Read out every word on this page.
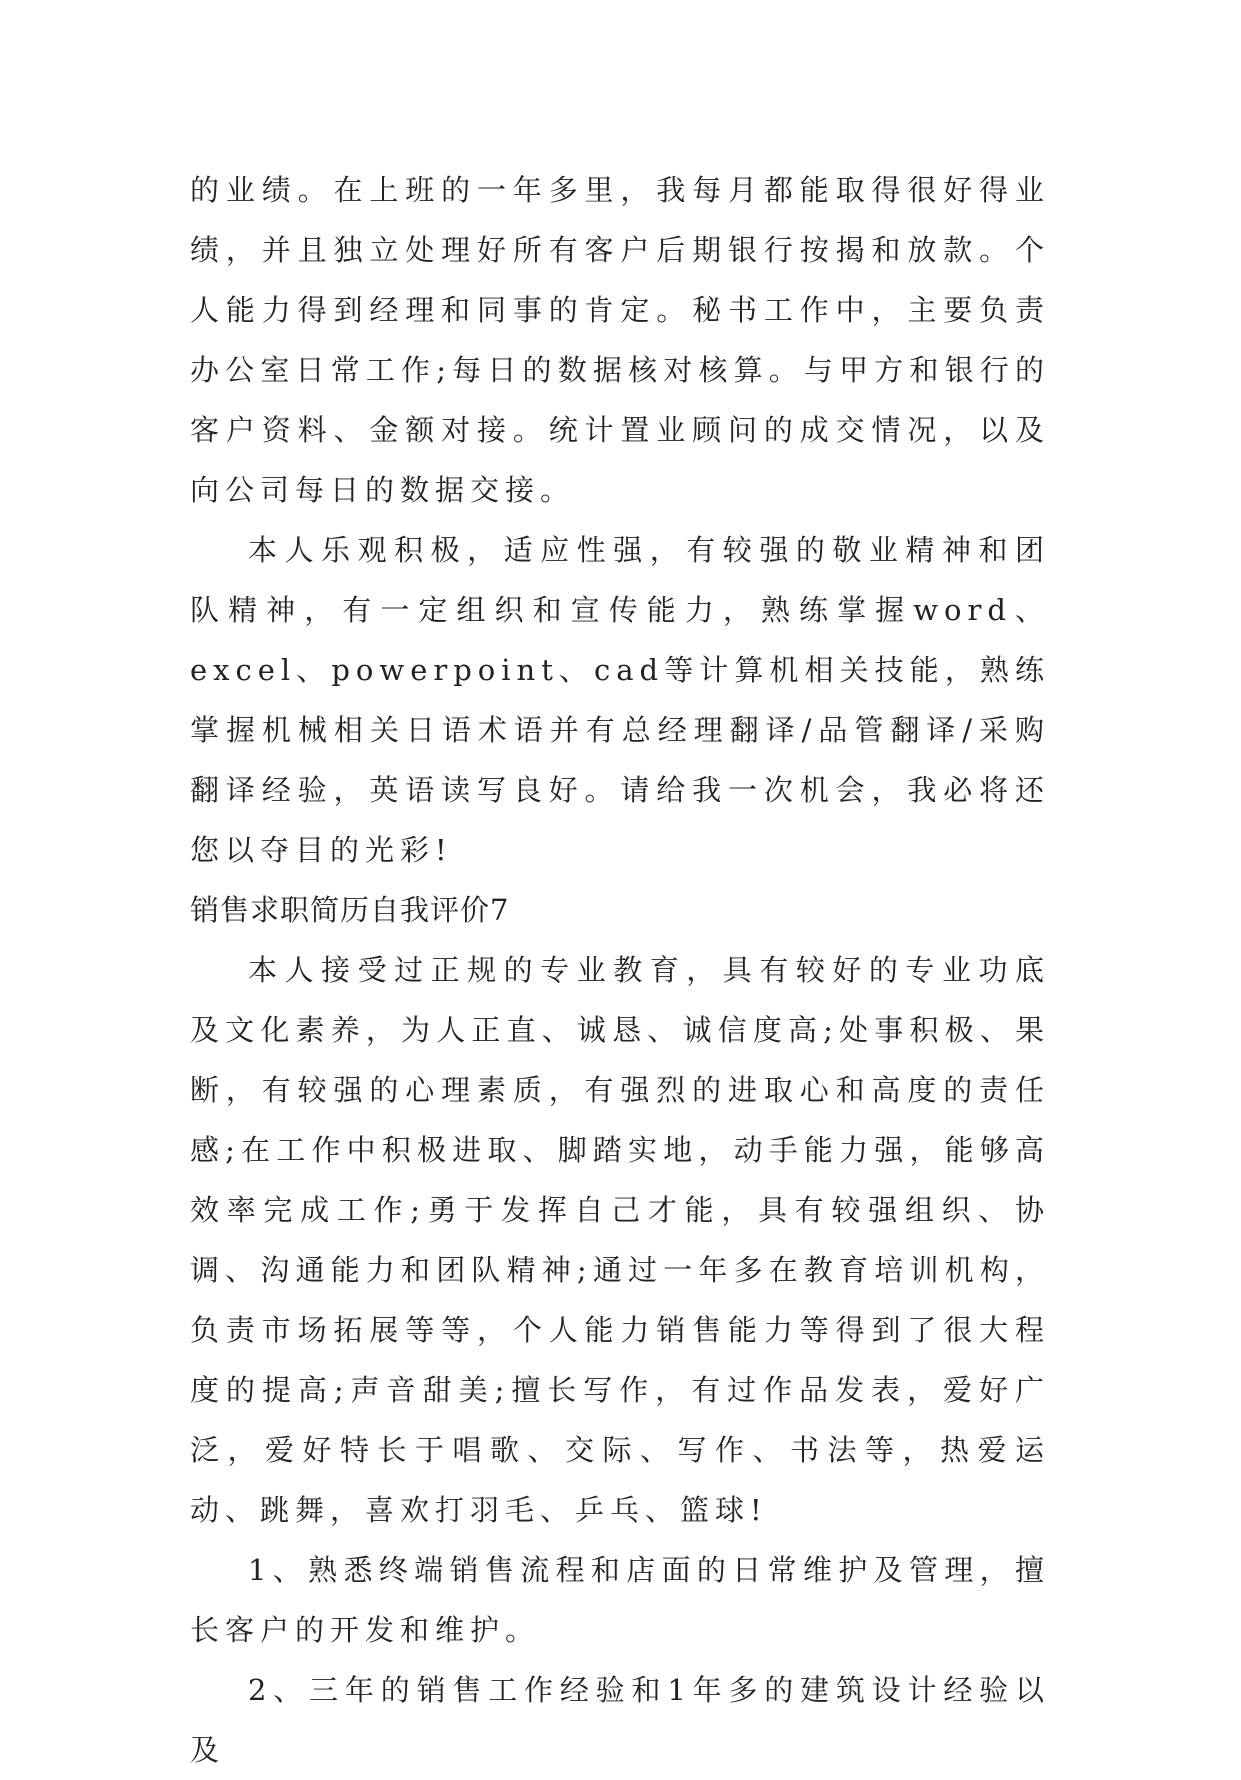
的业绩。在上班的一年多里，我每月都能取得很好得业绩，并且独立处理好所有客户后期银行按揭和放款。个人能力得到经理和同事的肯定。秘书工作中，主要负责办公室日常工作;每日的数据核对核算。与甲方和银行的客户资料、金额对接。统计置业顾问的成交情况，以及向公司每日的数据交接。

本人乐观积极，适应性强，有较强的敬业精神和团队精神，有一定组织和宣传能力，熟练掌握word、excel、powerpoint、cad等计算机相关技能，熟练掌握机械相关日语术语并有总经理翻译/品管翻译/采购翻译经验，英语读写良好。请给我一次机会，我必将还您以夺目的光彩!

销售求职简历自我评价7

本人接受过正规的专业教育，具有较好的专业功底及文化素养，为人正直、诚恳、诚信度高;处事积极、果断，有较强的心理素质，有强烈的进取心和高度的责任感;在工作中积极进取、脚踏实地，动手能力强，能够高效率完成工作;勇于发挥自己才能，具有较强组织、协调、沟通能力和团队精神;通过一年多在教育培训机构，负责市场拓展等等，个人能力销售能力等得到了很大程度的提高;声音甜美;擅长写作，有过作品发表，爱好广泛，爱好特长于唱歌、交际、写作、书法等，热爱运动、跳舞，喜欢打羽毛、乒乓、篮球!

1、熟悉终端销售流程和店面的日常维护及管理，擅长客户的开发和维护。

2、三年的销售工作经验和1年多的建筑设计经验以及
